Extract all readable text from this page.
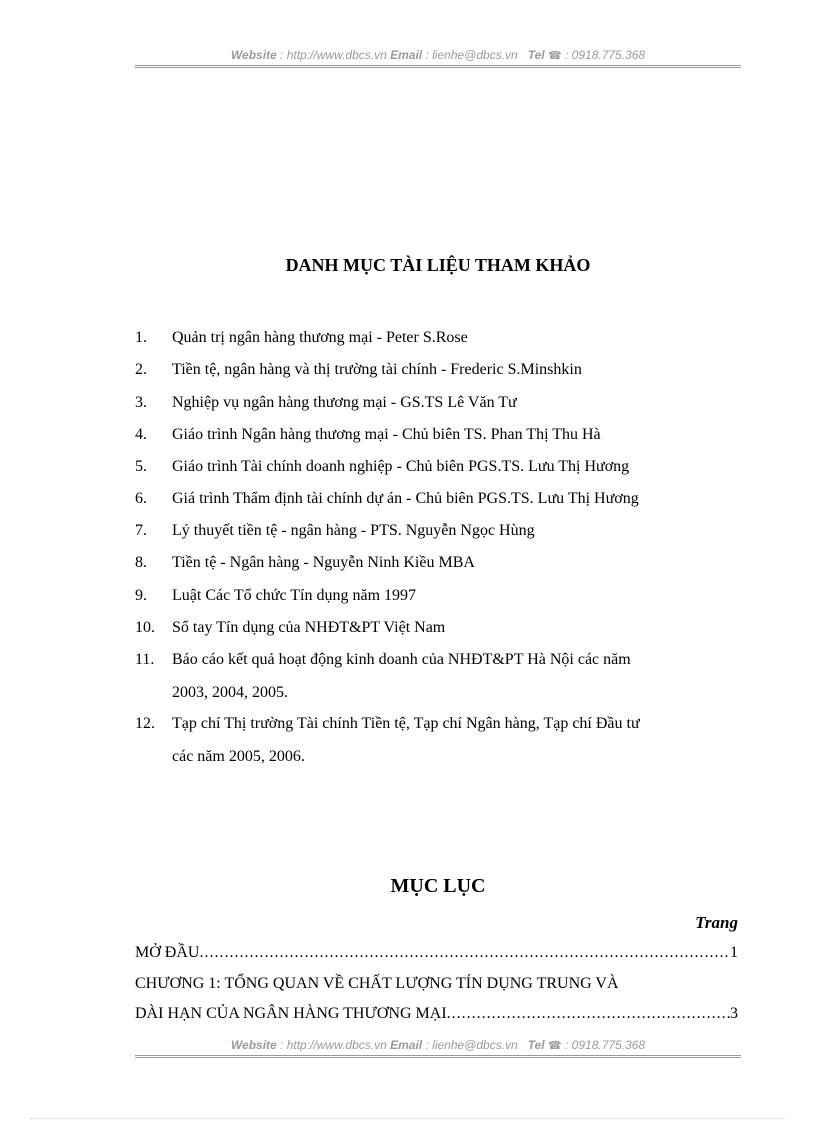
Website : http://www.dbcs.vn Email : lienhe@dbcs.vn Tel ☎ : 0918.775.368
DANH MỤC TÀI LIỆU THAM KHẢO
1. Quản trị ngân hàng thương mại - Peter S.Rose
2. Tiền tệ, ngân hàng và thị trường tài chính - Frederic S.Minshkin
3. Nghiệp vụ ngân hàng thương mại - GS.TS Lê Văn Tư
4. Giáo trình Ngân hàng thương mại - Chủ biên TS. Phan Thị Thu Hà
5. Giáo trình Tài chính doanh nghiệp - Chủ biên PGS.TS. Lưu Thị Hương
6. Giá trình Thẩm định tài chính dự án - Chủ biên PGS.TS. Lưu Thị Hương
7. Lý thuyết tiền tệ - ngân hàng - PTS. Nguyễn Ngọc Hùng
8. Tiền tệ - Ngân hàng - Nguyễn Ninh Kiều MBA
9. Luật Các Tổ chức Tín dụng năm 1997
10. Sổ tay Tín dụng của NHĐT&PT Việt Nam
11. Báo cáo kết quả hoạt động kinh doanh của NHĐT&PT Hà Nội các năm
2003, 2004, 2005.
12. Tạp chí Thị trường Tài chính Tiền tệ, Tạp chí Ngân hàng, Tạp chí Đầu tư
các năm 2005, 2006.
MỤC LỤC
Trang
MỞ ĐẦU .....	1
CHƯƠNG 1: TỔNG QUAN VỀ CHẤT LƯỢNG TÍN DỤNG TRUNG VÀ
DÀI HẠN CỦA NGÂN HÀNG THƯƠNG MẠI .....	3
Website : http://www.dbcs.vn Email : lienhe@dbcs.vn Tel ☎ : 0918.775.368
